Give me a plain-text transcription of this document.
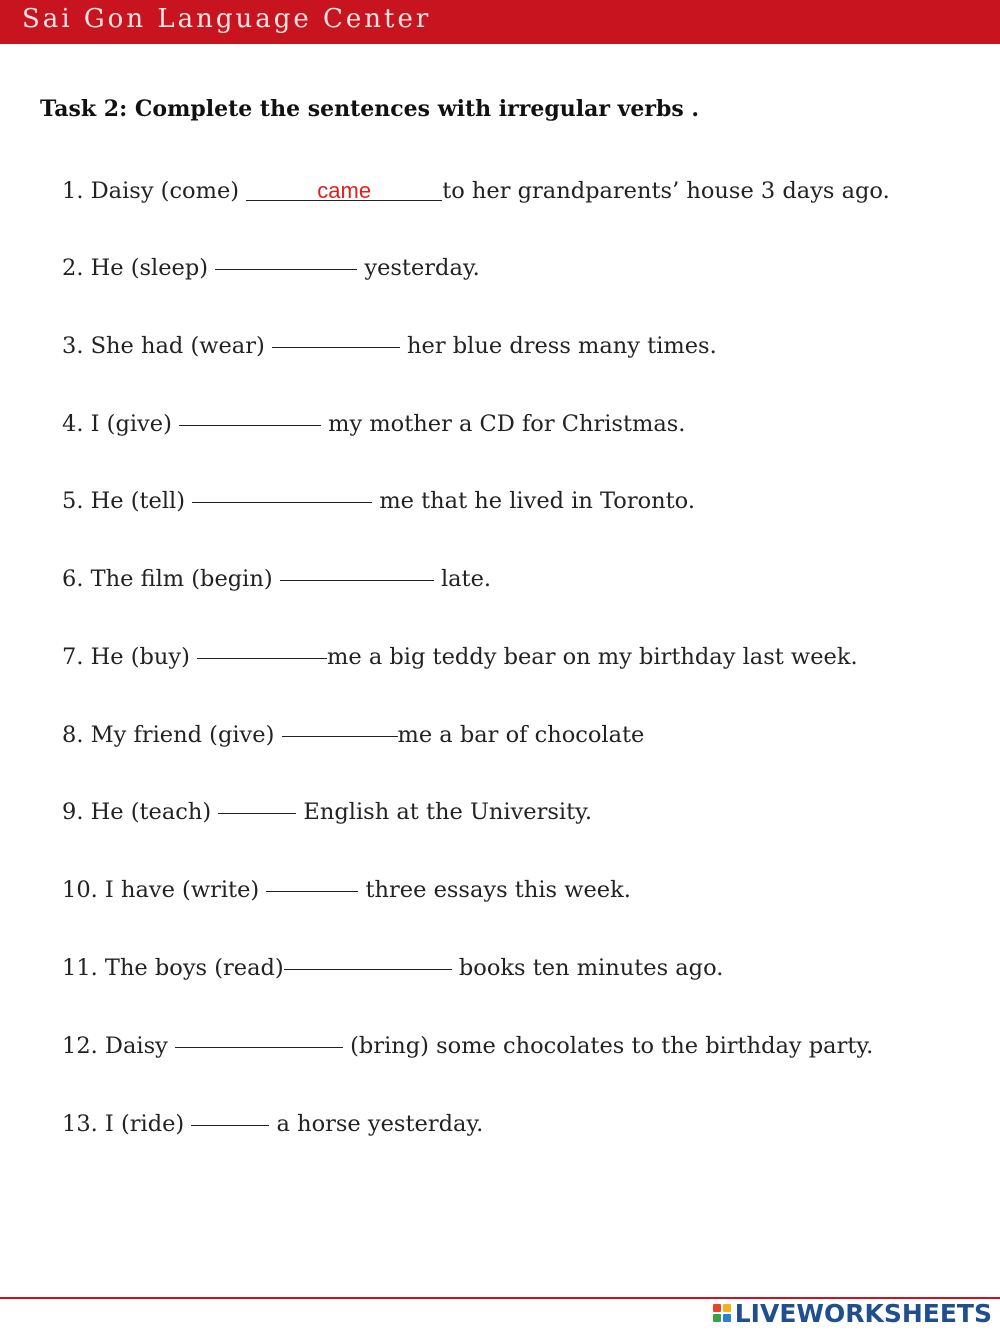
Sai Gon Language Center
Task 2: Complete the sentences with irregular verbs .
1. Daisy (come)	came	to her grandparents’ house 3 days ago.
2. He (sleep)	yesterday.
3. She had (wear)	her blue dress many times.
4. I (give)	my mother a CD for Christmas.
5. He (tell)	me that he lived in Toronto.
6. The film (begin)	late.
7. He (buy)	me a big teddy bear on my birthday last week.
8. My friend (give)	me a bar of chocolate
9. He (teach)	English at the University.
10. I have (write)	three essays this week.
11. The boys (read)	books ten minutes ago.
12. Daisy	(bring) some chocolates to the birthday party.
13. I (ride)	a horse yesterday.
LIVEWORKSHEETS
